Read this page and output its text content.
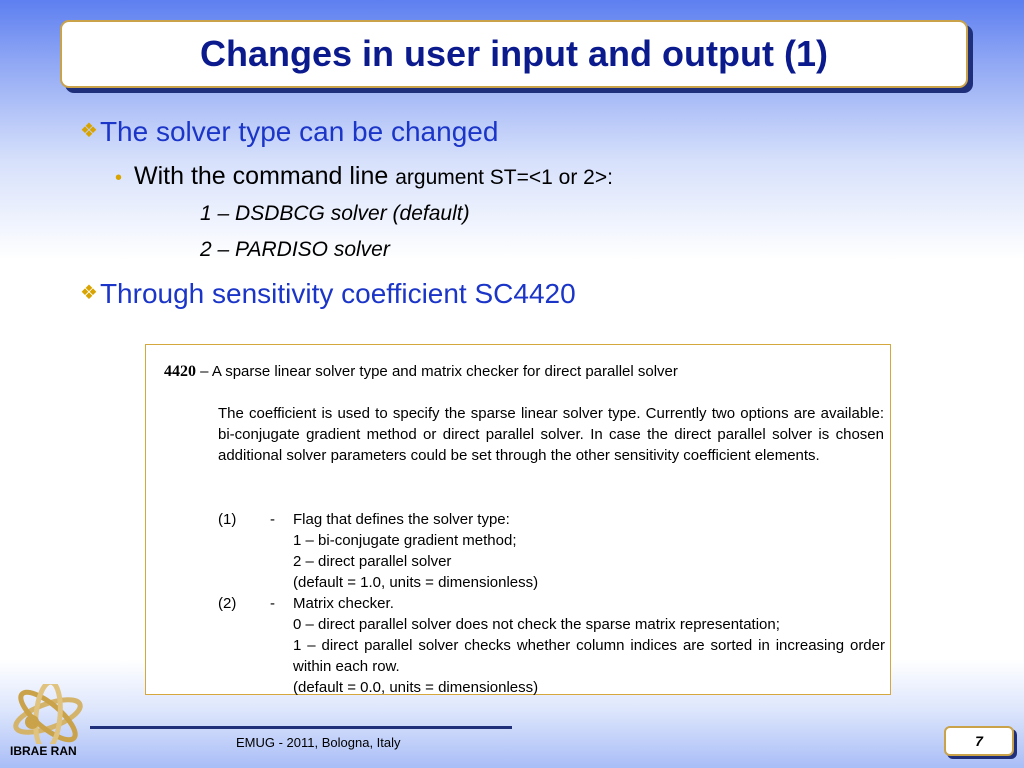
Changes in user input and output (1)
❖The solver type can be changed
• With the command line argument ST=<1 or 2>:
1 – DSDBCG solver (default)
2 – PARDISO solver
❖Through sensitivity coefficient SC4420
4420 – A sparse linear solver type and matrix checker for direct parallel solver
The coefficient is used to specify the sparse linear solver type. Currently two options are available: bi-conjugate gradient method or direct parallel solver. In case the direct parallel solver is chosen additional solver parameters could be set through the other sensitivity coefficient elements.
(1) - Flag that defines the solver type:
1 – bi-conjugate gradient method;
2 – direct parallel solver
(default = 1.0, units = dimensionless)
(2) - Matrix checker.
0 – direct parallel solver does not check the sparse matrix representation;
1 – direct parallel solver checks whether column indices are sorted in increasing order within each row.
(default = 0.0, units = dimensionless)
IBRAE RAN
EMUG - 2011, Bologna, Italy	7
